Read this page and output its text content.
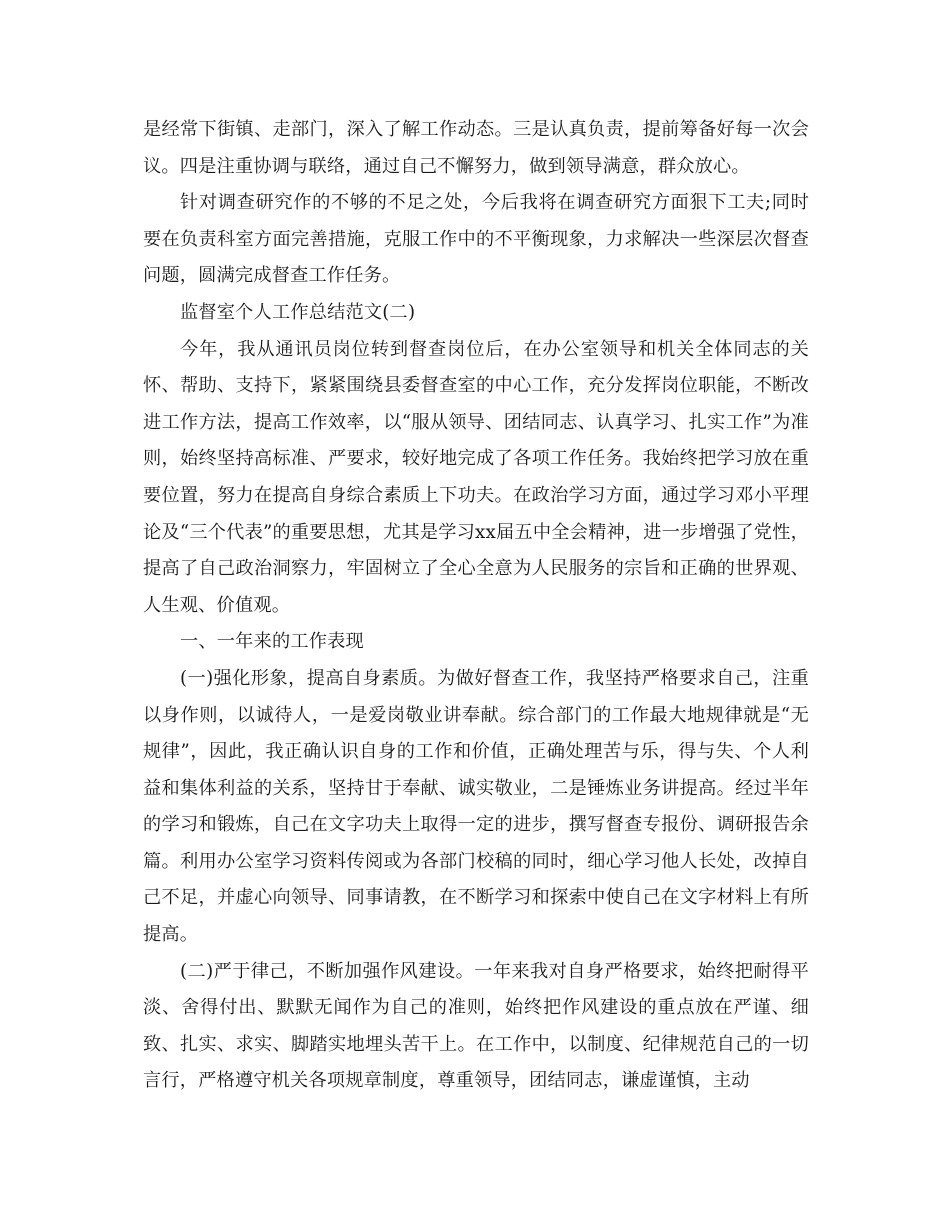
是经常下街镇、走部门，深入了解工作动态。三是认真负责，提前筹备好每一次会议。四是注重协调与联络，通过自己不懈努力，做到领导满意，群众放心。

针对调查研究作的不够的不足之处，今后我将在调查研究方面狠下工夫;同时要在负责科室方面完善措施，克服工作中的不平衡现象，力求解决一些深层次督查问题，圆满完成督查工作任务。

监督室个人工作总结范文(二)

今年，我从通讯员岗位转到督查岗位后，在办公室领导和机关全体同志的关怀、帮助、支持下，紧紧围绕县委督查室的中心工作，充分发挥岗位职能，不断改进工作方法，提高工作效率，以“服从领导、团结同志、认真学习、扎实工作”为准则，始终坚持高标准、严要求，较好地完成了各项工作任务。我始终把学习放在重要位置，努力在提高自身综合素质上下功夫。在政治学习方面，通过学习邓小平理论及“三个代表”的重要思想，尤其是学习xx届五中全会精神，进一步增强了党性，提高了自己政治洞察力，牢固树立了全心全意为人民服务的宗旨和正确的世界观、人生观、价值观。

一、一年来的工作表现

(一)强化形象，提高自身素质。为做好督查工作，我坚持严格要求自己，注重以身作则，以诚待人，一是爱岗敬业讲奉献。综合部门的工作最大地规律就是“无规律”，因此，我正确认识自身的工作和价值，正确处理苦与乐，得与失、个人利益和集体利益的关系，坚持甘于奉献、诚实敬业，二是锤炼业务讲提高。经过半年的学习和锻炼，自己在文字功夫上取得一定的进步，撰写督查专报份、调研报告余篇。利用办公室学习资料传阅或为各部门校稿的同时，细心学习他人长处，改掉自己不足，并虚心向领导、同事请教，在不断学习和探索中使自己在文字材料上有所提高。

(二)严于律己，不断加强作风建设。一年来我对自身严格要求，始终把耐得平淡、舍得付出、默默无闻作为自己的准则，始终把作风建设的重点放在严谨、细致、扎实、求实、脚踏实地埋头苦干上。在工作中，以制度、纪律规范自己的一切言行，严格遵守机关各项规章制度，尊重领导，团结同志，谦虚谨慎，主动
